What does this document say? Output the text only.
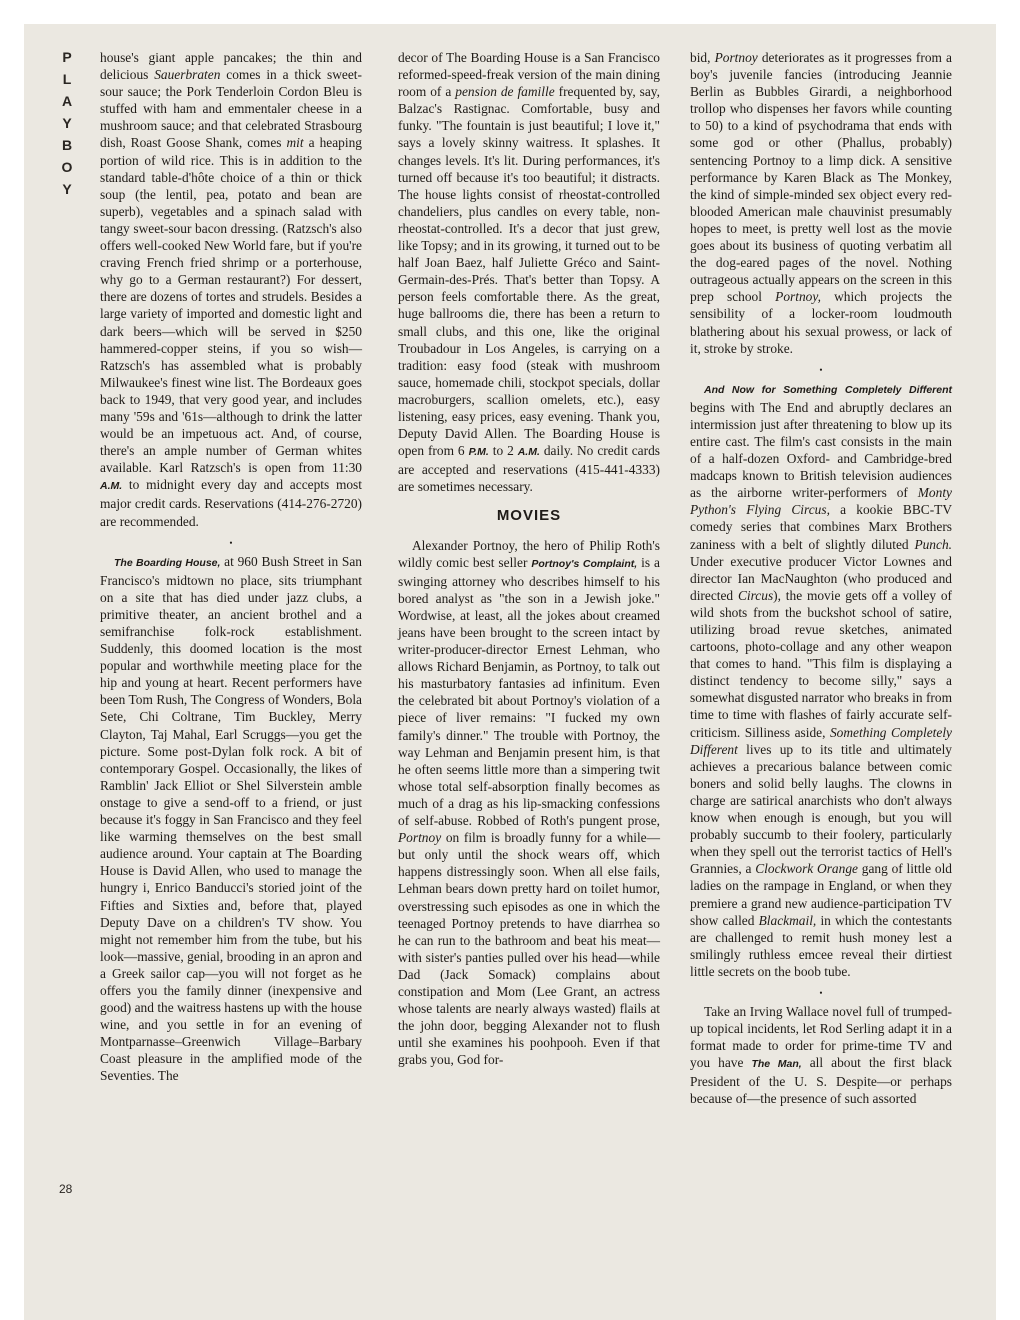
P
L
A
Y
B
O
Y

house's giant apple pancakes; the thin and delicious Sauerbraten comes in a thick sweet-sour sauce; the Pork Tenderloin Cordon Bleu is stuffed with ham and emmentaler cheese in a mushroom sauce; and that celebrated Strasbourg dish, Roast Goose Shank, comes mit a heaping portion of wild rice. This is in addition to the standard table-d'hôte choice of a thin or thick soup (the lentil, pea, potato and bean are superb), vegetables and a spinach salad with tangy sweet-sour bacon dressing. (Ratzsch's also offers well-cooked New World fare, but if you're craving French fried shrimp or a porterhouse, why go to a German restaurant?) For dessert, there are dozens of tortes and strudels. Besides a large variety of imported and domestic light and dark beers—which will be served in $250 hammered-copper steins, if you so wish—Ratzsch's has assembled what is probably Milwaukee's finest wine list. The Bordeaux goes back to 1949, that very good year, and includes many '59s and '61s—although to drink the latter would be an impetuous act. And, of course, there's an ample number of German whites available. Karl Ratzsch's is open from 11:30 A.M. to midnight every day and accepts most major credit cards. Reservations (414-276-2720) are recommended.

•

The Boarding House, at 960 Bush Street in San Francisco's midtown no place, sits triumphant on a site that has died under jazz clubs, a primitive theater, an ancient brothel and a semifranchise folk-rock establishment. Suddenly, this doomed location is the most popular and worthwhile meeting place for the hip and young at heart. Recent performers have been Tom Rush, The Congress of Wonders, Bola Sete, Chi Coltrane, Tim Buckley, Merry Clayton, Taj Mahal, Earl Scruggs—you get the picture. Some post-Dylan folk rock. A bit of contemporary Gospel. Occasionally, the likes of Ramblin' Jack Elliot or Shel Silverstein amble onstage to give a send-off to a friend, or just because it's foggy in San Francisco and they feel like warming themselves on the best small audience around. Your captain at The Boarding House is David Allen, who used to manage the hungry i, Enrico Banducci's storied joint of the Fifties and Sixties and, before that, played Deputy Dave on a children's TV show. You might not remember him from the tube, but his look—massive, genial, brooding in an apron and a Greek sailor cap—you will not forget as he offers you the family dinner (inexpensive and good) and the waitress hastens up with the house wine, and you settle in for an evening of Montparnasse–Greenwich Village–Barbary Coast pleasure in the amplified mode of the Seventies. The

decor of The Boarding House is a San Francisco reformed-speed-freak version of the main dining room of a pension de famille frequented by, say, Balzac's Rastignac. Comfortable, busy and funky. "The fountain is just beautiful; I love it," says a lovely skinny waitress. It splashes. It changes levels. It's lit. During performances, it's turned off because it's too beautiful; it distracts. The house lights consist of rheostat-controlled chandeliers, plus candles on every table, non-rheostat-controlled. It's a decor that just grew, like Topsy; and in its growing, it turned out to be half Joan Baez, half Juliette Gréco and Saint-Germain-des-Prés. That's better than Topsy. A person feels comfortable there. As the great, huge ballrooms die, there has been a return to small clubs, and this one, like the original Troubadour in Los Angeles, is carrying on a tradition: easy food (steak with mushroom sauce, homemade chili, stockpot specials, dollar macroburgers, scallion omelets, etc.), easy listening, easy prices, easy evening. Thank you, Deputy David Allen. The Boarding House is open from 6 P.M. to 2 A.M. daily. No credit cards are accepted and reservations (415-441-4333) are sometimes necessary.

MOVIES

Alexander Portnoy, the hero of Philip Roth's wildly comic best seller Portnoy's Complaint, is a swinging attorney who describes himself to his bored analyst as "the son in a Jewish joke." Wordwise, at least, all the jokes about creamed jeans have been brought to the screen intact by writer-producer-director Ernest Lehman, who allows Richard Benjamin, as Portnoy, to talk out his masturbatory fantasies ad infinitum. Even the celebrated bit about Portnoy's violation of a piece of liver remains: "I fucked my own family's dinner." The trouble with Portnoy, the way Lehman and Benjamin present him, is that he often seems little more than a simpering twit whose total self-absorption finally becomes as much of a drag as his lip-smacking confessions of self-abuse. Robbed of Roth's pungent prose, Portnoy on film is broadly funny for a while—but only until the shock wears off, which happens distressingly soon. When all else fails, Lehman bears down pretty hard on toilet humor, overstressing such episodes as one in which the teenaged Portnoy pretends to have diarrhea so he can run to the bathroom and beat his meat—with sister's panties pulled over his head—while Dad (Jack Somack) complains about constipation and Mom (Lee Grant, an actress whose talents are nearly always wasted) flails at the john door, begging Alexander not to flush until she examines his poohpooh. Even if that grabs you, God for-

bid, Portnoy deteriorates as it progresses from a boy's juvenile fancies (introducing Jeannie Berlin as Bubbles Girardi, a neighborhood trollop who dispenses her favors while counting to 50) to a kind of psychodrama that ends with some god or other (Phallus, probably) sentencing Portnoy to a limp dick. A sensitive performance by Karen Black as The Monkey, the kind of simple-minded sex object every red-blooded American male chauvinist presumably hopes to meet, is pretty well lost as the movie goes about its business of quoting verbatim all the dog-eared pages of the novel. Nothing outrageous actually appears on the screen in this prep school Portnoy, which projects the sensibility of a locker-room loudmouth blathering about his sexual prowess, or lack of it, stroke by stroke.

•

And Now for Something Completely Different begins with The End and abruptly declares an intermission just after threatening to blow up its entire cast. The film's cast consists in the main of a half-dozen Oxford- and Cambridge-bred madcaps known to British television audiences as the airborne writer-performers of Monty Python's Flying Circus, a kookie BBC-TV comedy series that combines Marx Brothers zaniness with a belt of slightly diluted Punch. Under executive producer Victor Lownes and director Ian MacNaughton (who produced and directed Circus), the movie gets off a volley of wild shots from the buckshot school of satire, utilizing broad revue sketches, animated cartoons, photo-collage and any other weapon that comes to hand. "This film is displaying a distinct tendency to become silly," says a somewhat disgusted narrator who breaks in from time to time with flashes of fairly accurate self-criticism. Silliness aside, Something Completely Different lives up to its title and ultimately achieves a precarious balance between comic boners and solid belly laughs. The clowns in charge are satirical anarchists who don't always know when enough is enough, but you will probably succumb to their foolery, particularly when they spell out the terrorist tactics of Hell's Grannies, a Clockwork Orange gang of little old ladies on the rampage in England, or when they premiere a grand new audience-participation TV show called Blackmail, in which the contestants are challenged to remit hush money lest a smilingly ruthless emcee reveal their dirtiest little secrets on the boob tube.

•

Take an Irving Wallace novel full of trumped-up topical incidents, let Rod Serling adapt it in a format made to order for prime-time TV and you have The Man, all about the first black President of the U. S. Despite—or perhaps because of—the presence of such assorted

28
